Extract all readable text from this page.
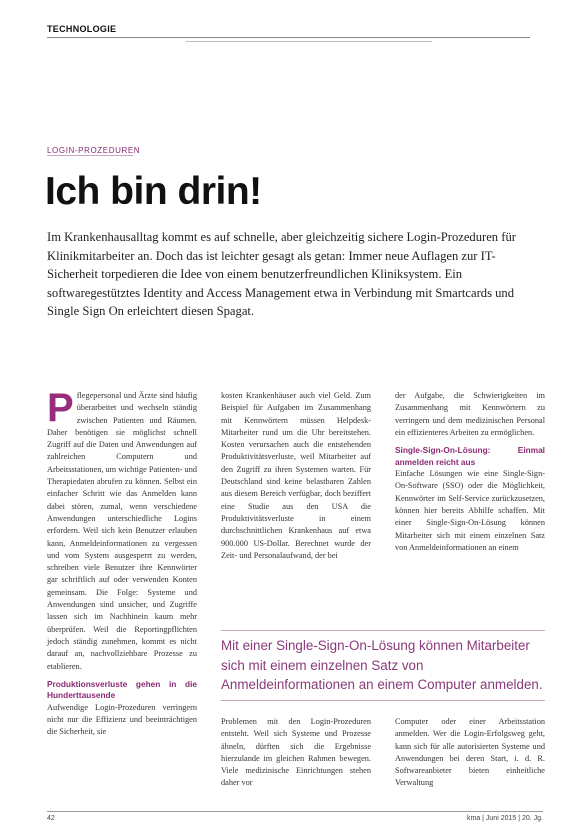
TECHNOLOGIE
LOGIN-PROZEDUREN
Ich bin drin!

Im Krankenhausalltag kommt es auf schnelle, aber gleichzeitig sichere Login-Prozeduren für Klinikmitarbeiter an. Doch das ist leichter gesagt als getan: Immer neue Auflagen zur IT-Sicherheit torpedieren die Idee von einem benutzerfreundlichen Kliniksystem. Ein softwaregestütztes Identity and Access Management etwa in Verbindung mit Smartcards und Single Sign On erleichtert diesen Spagat.

Pflegepersonal und Ärzte sind häufig überarbeitet und wechseln ständig zwischen Patienten und Räumen. Daher benötigen sie möglichst schnell Zugriff auf die Daten und Anwendungen auf zahlreichen Computern und Arbeitsstationen, um wichtige Patienten- und Therapiedaten abrufen zu können. Selbst ein einfacher Schritt wie das Anmelden kann dabei stören, zumal, wenn verschiedene Anwendungen unterschiedliche Logins erfordern. Weil sich kein Benutzer erlauben kann, Anmeldeinformationen zu vergessen und vom System ausgesperrt zu werden, schreiben viele Benutzer ihre Kennwörter gar schriftlich auf oder verwenden Konten gemeinsam. Die Folge: Systeme und Anwendungen sind unsicher, und Zugriffe lassen sich im Nachhinein kaum mehr überprüfen. Weil die Reportingpflichten jedoch ständig zunehmen, kommt es nicht darauf an, nachvollziehbare Prozesse zu etablieren.

Produktionsverluste gehen in die Hunderttausende

Aufwendige Login-Prozeduren verringern nicht nur die Effizienz und beeinträchtigen die Sicherheit, sie

kosten Krankenhäuser auch viel Geld. Zum Beispiel für Aufgaben im Zusammenhang mit Kennwörtern müssen Helpdesk-Mitarbeiter rund um die Uhr bereitstehen. Kosten verursachen auch die entstehenden Produktivitätsverluste, weil Mitarbeiter auf den Zugriff zu ihren Systemen warten. Für Deutschland sind keine belastbaren Zahlen aus diesem Bereich verfügbar, doch beziffert eine Studie aus den USA die Produktivitätsverluste in einem durchschnittlichen Krankenhaus auf etwa 900.000 US-Dollar. Berechnet wurde der Zeit- und Personalaufwand, der bei

der Aufgabe, die Schwierigkeiten im Zusammenhang mit Kennwörtern zu verringern und dem medizinischen Personal ein effizienteres Arbeiten zu ermöglichen.

Single-Sign-On-Lösung: Einmal anmelden reicht aus

Einfache Lösungen wie eine Single-Sign-On-Software (SSO) oder die Möglichkeit, Kennwörter im Self-Service zurückzusetzen, können hier bereits Abhilfe schaffen. Mit einer Single-Sign-On-Lösung können Mitarbeiter sich mit einem einzelnen Satz von Anmeldeinformationen an einem

Mit einer Single-Sign-On-Lösung können Mitarbeiter sich mit einem einzelnen Satz von Anmeldeinformationen an einem Computer anmelden.

Problemen mit den Login-Prozeduren entsteht. Weil sich Systeme und Prozesse ähneln, dürften sich die Ergebnisse hierzulande im gleichen Rahmen bewegen. Viele medizinische Einrichtungen stehen daher vor

Computer oder einer Arbeitsstation anmelden. Wer die Login-Erfolgsweg geht, kann sich für alle autorisierten Systeme und Anwendungen bei deren Start, i. d. R. Softwareanbieter bieten einheitliche Verwaltung

42	kma | Juni 2015 | 20. Jg.
